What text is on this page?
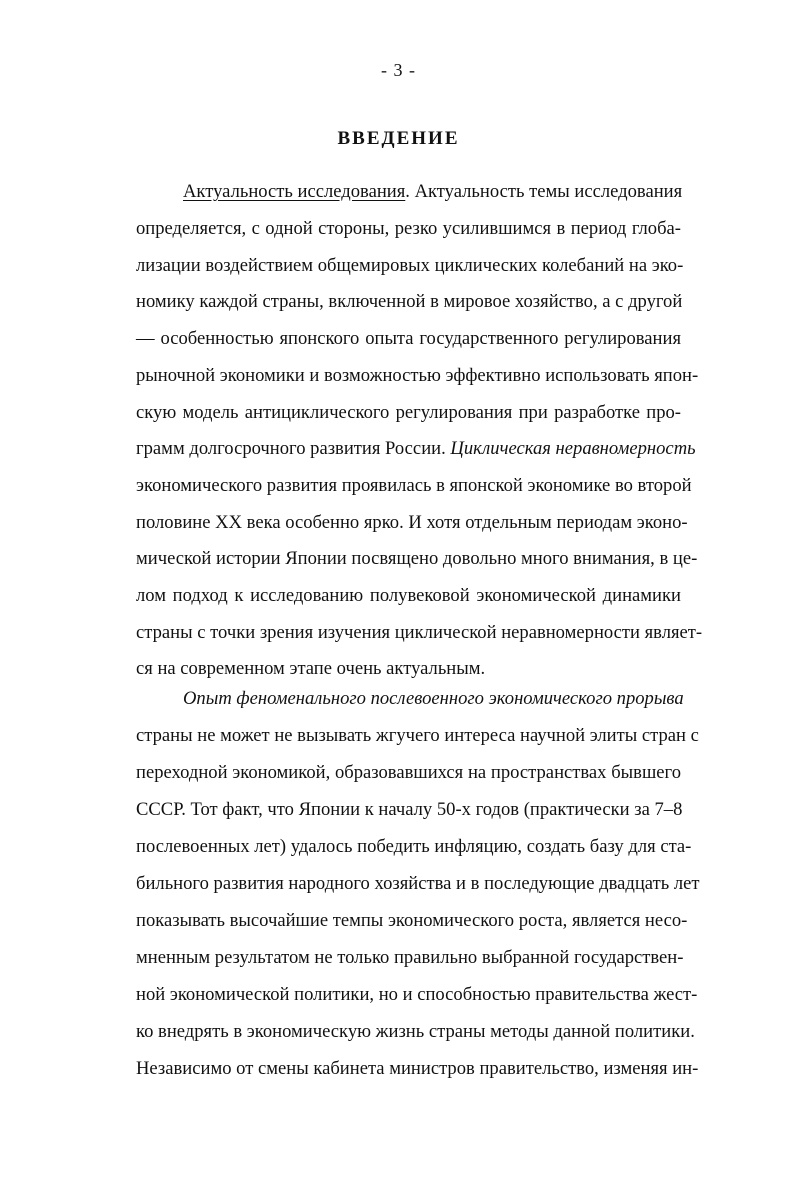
- 3 -
ВВЕДЕНИЕ
Актуальность исследования. Актуальность темы исследования
определяется, с одной стороны, резко усилившимся в период глоба-
лизации воздействием общемировых циклических колебаний на эко-
номику каждой страны, включенной в мировое хозяйство, а с другой
— особенностью японского опыта государственного регулирования
рыночной экономики и возможностью эффективно использовать япон-
скую модель антициклического регулирования при разработке про-
грамм долгосрочного развития России. Циклическая неравномерность
экономического развития проявилась в японской экономике во второй
половине XX века особенно ярко. И хотя отдельным периодам эконо-
мической истории Японии посвящено довольно много внимания, в це-
лом подход к исследованию полувековой экономической динамики
страны с точки зрения изучения циклической неравномерности являет-
ся на современном этапе очень актуальным.
Опыт феноменального послевоенного экономического прорыва
страны не может не вызывать жгучего интереса научной элиты стран с
переходной экономикой, образовавшихся на пространствах бывшего
СССР. Тот факт, что Японии к началу 50-х годов (практически за 7–8
послевоенных лет) удалось победить инфляцию, создать базу для ста-
бильного развития народного хозяйства и в последующие двадцать лет
показывать высочайшие темпы экономического роста, является несо-
мненным результатом не только правильно выбранной государствен-
ной экономической политики, но и способностью правительства жест-
ко внедрять в экономическую жизнь страны методы данной политики.
Независимо от смены кабинета министров правительство, изменяя ин-
